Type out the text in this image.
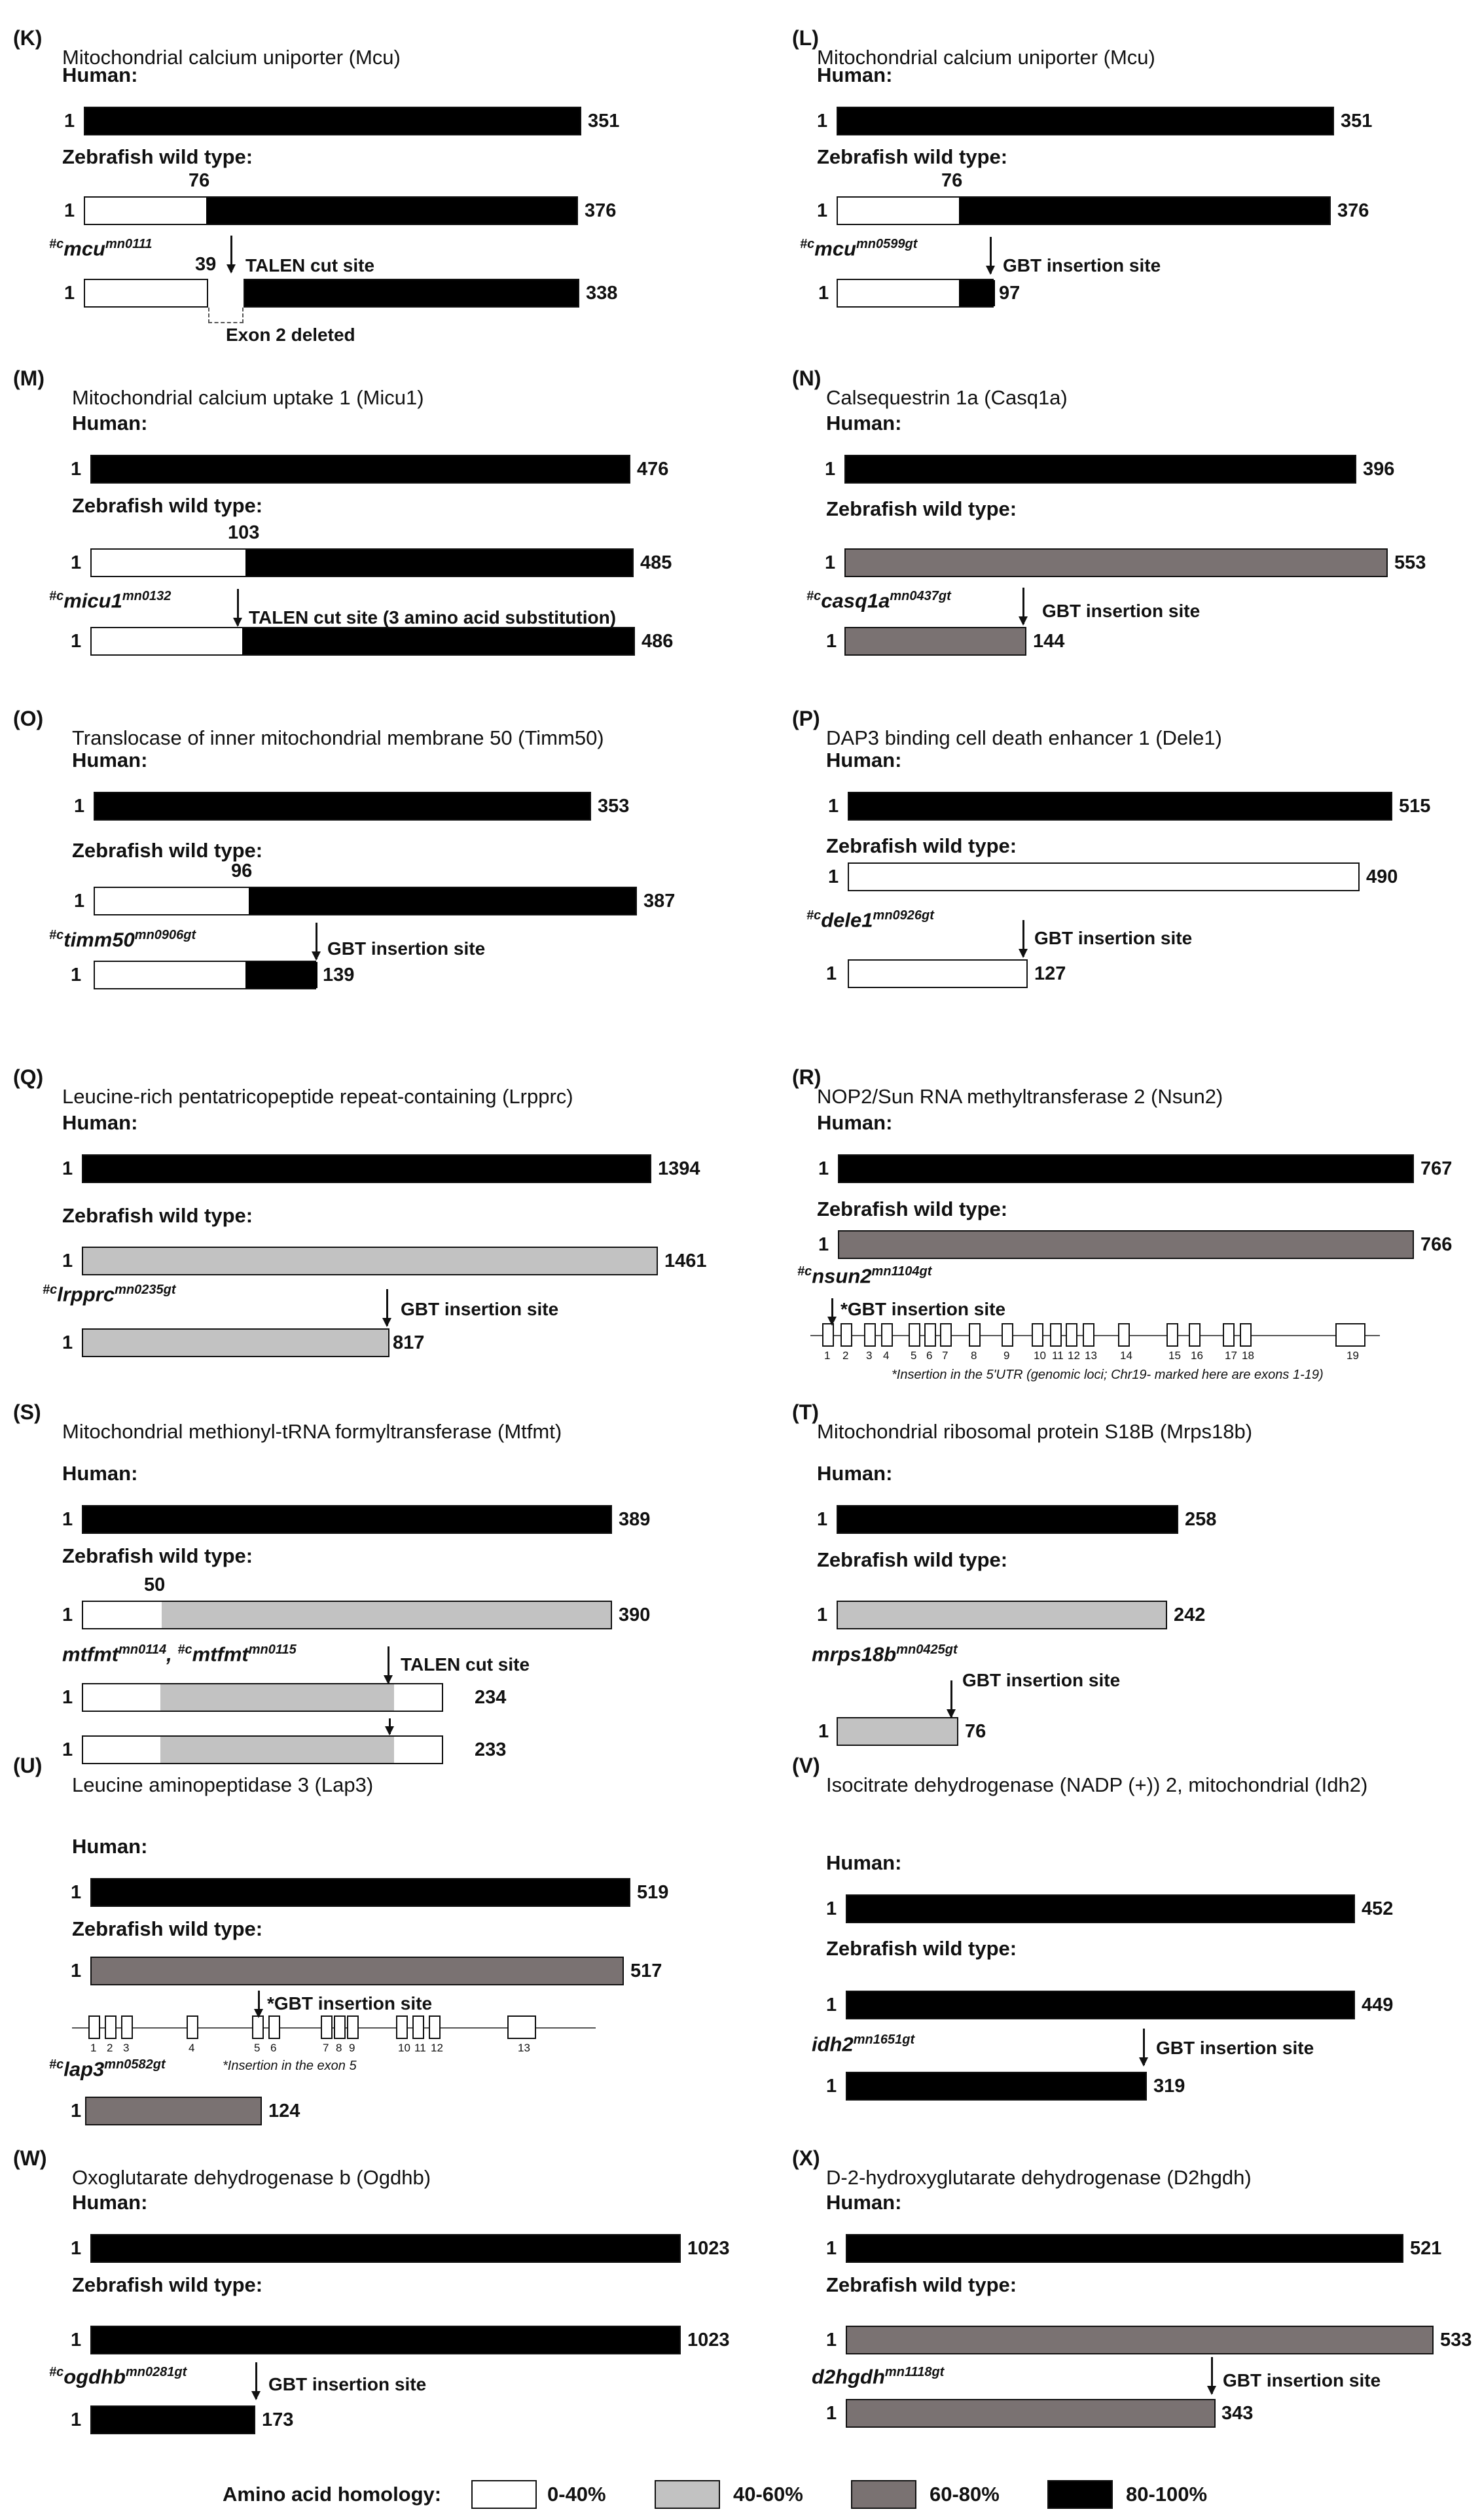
Amino acid homology:	0-40%	40-60%	60-80%	80-100%
(K)
Mitochondrial calcium uniporter (Mcu)
Human:
1	351
Zebrafish wild type:
1	376
76
$^{\#c}$mcu$^{mn0111}$
1
Exon 2 deleted
39 TALEN cut site
338
(L)
Mitochondrial calcium uniporter (Mcu)
Human:
1	351
Zebrafish wild type:
1	376
76
$^{\#c}$mcu$^{mn0599gt}$
1	97
GBT insertion site
(M)
Mitochondrial calcium uptake 1 (Micu1)
Human:
1	476
Zebrafish wild type:
1	485
103
$^{\#c}micu1^{mn0132}$
1	486
TALEN cut site (3 amino acid substitution)
(N)
Calsequestrin 1a (Casq1a)
Human:
1	396
Zebrafish wild type:
1	553
$^{\#c}casq1a^{mn0437gt}$
1	144
GBT insertion site
(O)
Translocase of inner mitochondrial membrane 50 (Timm50)
Human:
1	353
Zebrafish wild type:
1	387
96
$^{\#c}timm50^{mn0906gt}$
1	139
GBT insertion site
(P)
DAP3 binding cell death enhancer 1 (Dele1)
Human:
1	515
Zebrafish wild type:
1	490
$^{\#c}dele1^{mn0926gt}$
1	127
GBT insertion site
(Q)
Leucine-rich pentatricopeptide repeat-containing (Lrpprc)
Human:
1	1394
Zebrafish wild type:
1	1461
$^{\#c}$lrpprc$^{mn0235gt}$
1	817
GBT insertion site
(R)
NOP2/Sun RNA methyltransferase 2 (Nsun2)
Human:
1	767
Zebrafish wild type:
1	766
$^{\#c}nsun2^{mn1104gt}$
1 2 3 4 5 6 7 8 9 10 11 12 13 14	15 16 17 18	19
*GBT insertion site
*Insertion in the 5'UTR (genomic loci; Chr19- marked here are exons 1-19)
(S)
Mitochondrial methionyl-tRNA formyltransferase (Mtfmt)
Human:
1	389
Zebrafish wild type:
1	390
50
mtfmt$^{mn0114}$, $^{\#c}$mtfmt$^{mn0115}$
1	234
1	233
TALEN cut site
(T)
Mitochondrial ribosomal protein S18B (Mrps18b)
Human:
1	258
Zebrafish wild type:
1	242
$mrps18b^{mn0425gt}$
1	76
GBT insertion site
(U)
Leucine aminopeptidase 3 (Lap3)
Human:
1	519
Zebrafish wild type:
1	517
1 2 3	4	5 6	7 8 9	10 11 12	13
*GBT insertion site
*Insertion in the exon 5
$^{\#c}lap3^{mn0582gt}$
1	124
(V)
Isocitrate dehydrogenase (NADP (+)) 2, mitochondrial (Idh2)
Human:
1	452
Zebrafish wild type:
1	449
$idh2^{mn1651gt}$
1	319
GBT insertion site
(W)
Oxoglutarate dehydrogenase b (Ogdhb)
Human:
1	1023
Zebrafish wild type:
1	1023
$^{\#c}$ogdhb$^{mn0281gt}$
1	173
GBT insertion site
(X)
D-2-hydroxyglutarate dehydrogenase (D2hgdh)
Human:
1	521
Zebrafish wild type:
1	533
d2hgdh$^{mn1118gt}$
1	343
GBT insertion site
